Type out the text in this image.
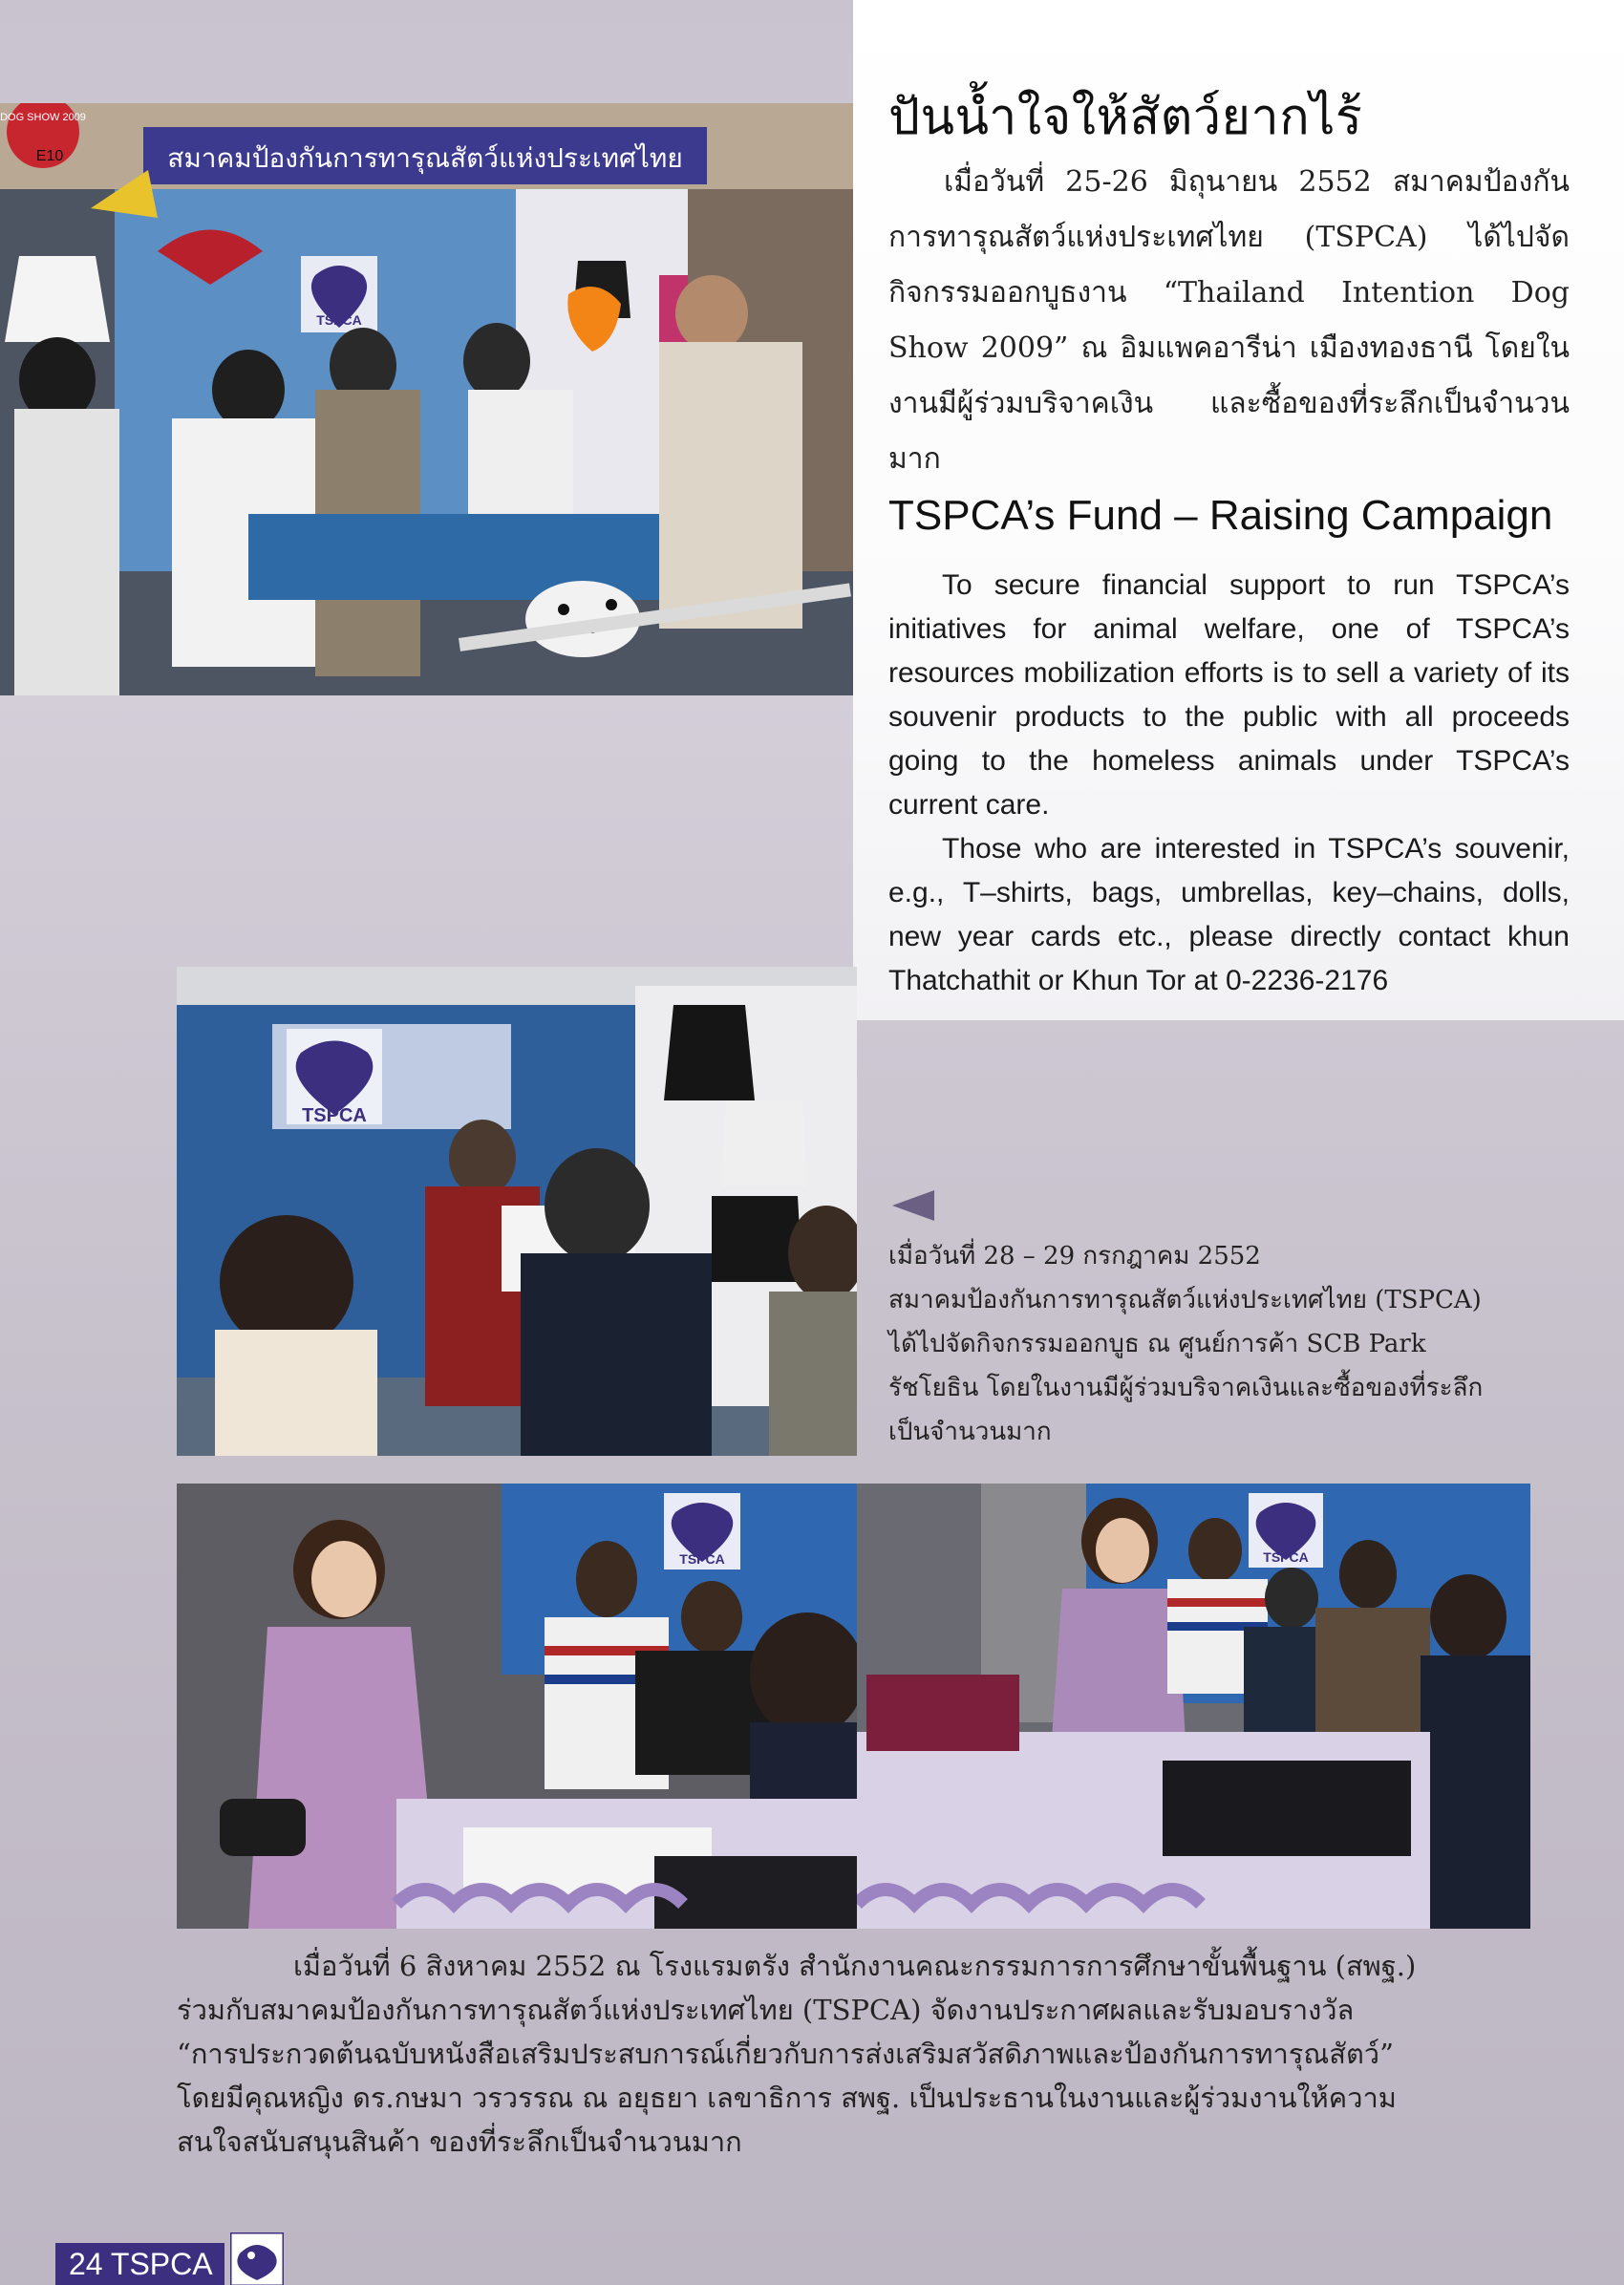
สมาคมป้องกันการทารุณสัตว์แห่งประเทศไทย
TSPCA
DOG SHOW 2009
E10
TSPCA
TSPCA	TSPCA
ปันน้ำใจให้สัตว์ยากไร้
เมื่อวันที่ 25-26 มิถุนายน 2552 สมาคมป้องกันการทารุณสัตว์แห่งประเทศไทย (TSPCA) ได้ไปจัดกิจกรรมออกบูธงาน “Thailand Intention Dog Show 2009” ณ อิมแพคอารีน่า เมืองทองธานี โดยในงานมีผู้ร่วมบริจาคเงิน และซื้อของที่ระลึกเป็นจำนวนมาก
TSPCA’s Fund – Raising Campaign

To secure financial support to run TSPCA’s initiatives for animal welfare, one of TSPCA’s resources mobilization efforts is to sell a variety of its souvenir products to the public with all proceeds going to the homeless animals under TSPCA’s current care.

Those who are interested in TSPCA’s souvenir, e.g., T–shirts, bags, umbrellas, key–chains, dolls, new year cards etc., please directly contact khun Thatchathit or Khun Tor at 0-2236-2176

เมื่อวันที่ 28 – 29 กรกฎาคม 2552
สมาคมป้องกันการทารุณสัตว์แห่งประเทศไทย (TSPCA)
ได้ไปจัดกิจกรรมออกบูธ ณ ศูนย์การค้า SCB Park
รัชโยธิน โดยในงานมีผู้ร่วมบริจาคเงินและซื้อของที่ระลึก
เป็นจำนวนมาก
เมื่อวันที่ 6 สิงหาคม 2552 ณ โรงแรมตรัง สำนักงานคณะกรรมการการศึกษาขั้นพื้นฐาน (สพฐ.)
ร่วมกับสมาคมป้องกันการทารุณสัตว์แห่งประเทศไทย (TSPCA) จัดงานประกาศผลและรับมอบรางวัล
“การประกวดต้นฉบับหนังสือเสริมประสบการณ์เกี่ยวกับการส่งเสริมสวัสดิภาพและป้องกันการทารุณสัตว์”
โดยมีคุณหญิง ดร.กษมา วรวรรณ ณ อยุธยา เลขาธิการ สพฐ. เป็นประธานในงานและผู้ร่วมงานให้ความ
สนใจสนับสนุนสินค้า ของที่ระลึกเป็นจำนวนมาก
24 TSPCA
